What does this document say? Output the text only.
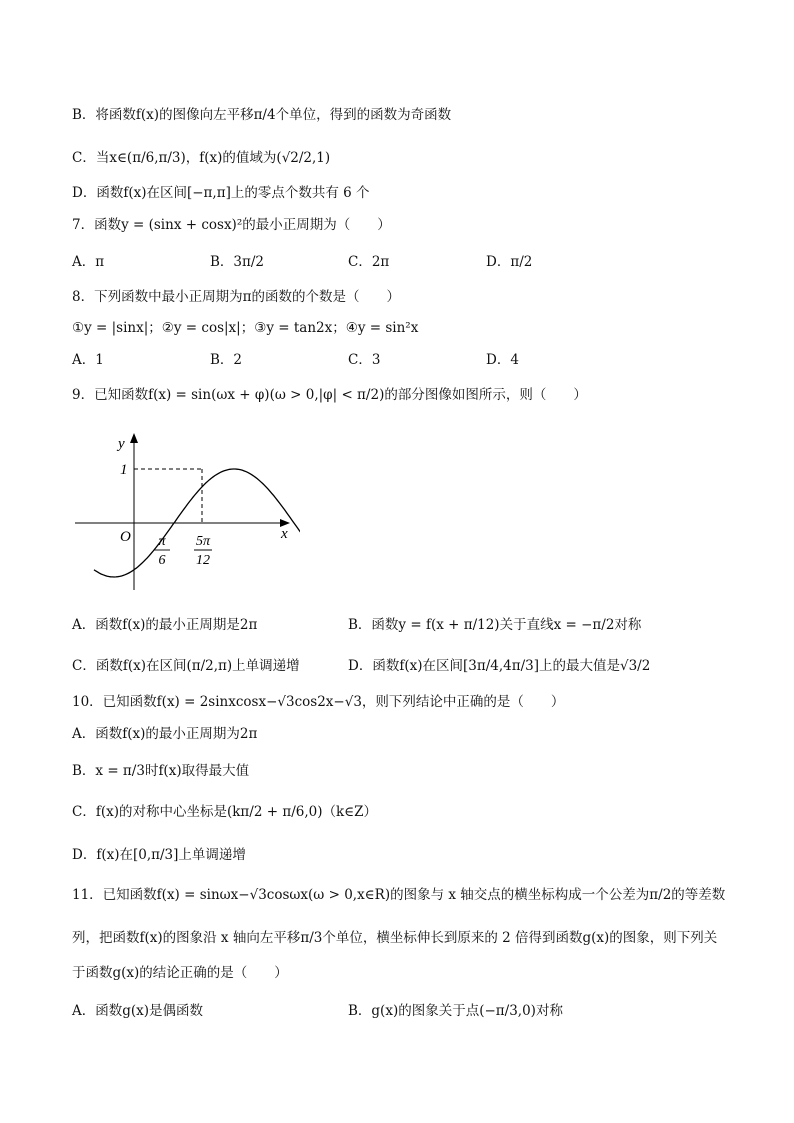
B．将函数f(x)的图像向左平移π/4个单位，得到的函数为奇函数
C．当x∈(π/6,π/3)，f(x)的值域为(√2/2,1)
D．函数f(x)在区间[−π,π]上的零点个数共有 6 个
7．函数y = (sinx + cosx)²的最小正周期为（　　）
A．π	B．3π/2	C．2π	D．π/2
8．下列函数中最小正周期为π的函数的个数是（　　）
①y = |sinx|；②y = cos|x|；③y = tan2x；④y = sin²x
A．1	B．2	C．3	D．4
9．已知函数f(x) = sin(ωx + φ)(ω > 0,|φ| < π/2)的部分图像如图所示，则（　　）
y
x
O
1
π
6
5π
12
A．函数f(x)的最小正周期是2π	B．函数y = f(x + π/12)关于直线x = −π/2对称
C．函数f(x)在区间(π/2,π)上单调递增	D．函数f(x)在区间[3π/4,4π/3]上的最大值是√3/2
10．已知函数f(x) = 2sinxcosx−√3cos2x−√3，则下列结论中正确的是（　　）
A．函数f(x)的最小正周期为2π
B．x = π/3时f(x)取得最大值
C．f(x)的对称中心坐标是(kπ/2 + π/6,0)（k∈Z）
D．f(x)在[0,π/3]上单调递增
11．已知函数f(x) = sinωx−√3cosωx(ω > 0,x∈R)的图象与 x 轴交点的横坐标构成一个公差为π/2的等差数
列，把函数f(x)的图象沿 x 轴向左平移π/3个单位，横坐标伸长到原来的 2 倍得到函数g(x)的图象，则下列关
于函数g(x)的结论正确的是（　　）
A．函数g(x)是偶函数	B．g(x)的图象关于点(−π/3,0)对称
